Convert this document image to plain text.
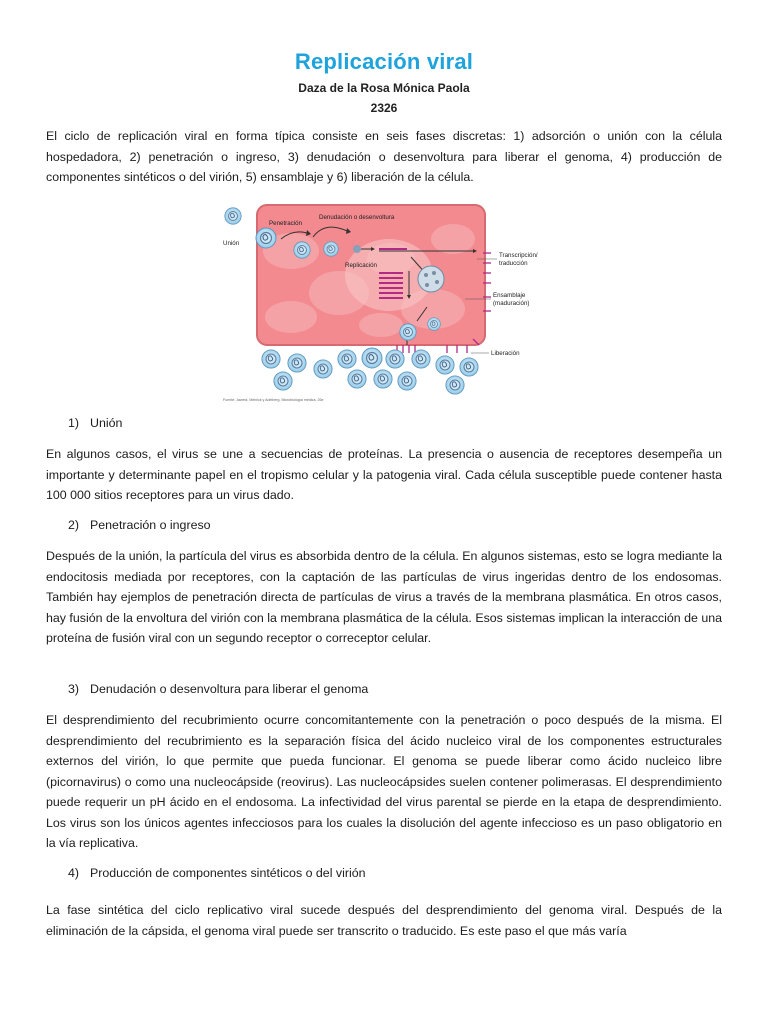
Replicación viral
Daza de la Rosa Mónica Paola
2326
El ciclo de replicación viral en forma típica consiste en seis fases discretas: 1) adsorción o unión con la célula hospedadora, 2) penetración o ingreso, 3) denudación o desenvoltura para liberar el genoma, 4) producción de componentes sintéticos o del virión, 5) ensamblaje y 6) liberación de la célula.
Unión
Penetración
Denudación o desenvoltura
Replicación
Transcripción/
traducción
Ensamblaje
(maduración)
Liberación
Fuente: Jawetz, Melnick y Adelberg. Microbiología médica, 26e
1) Unión
En algunos casos, el virus se une a secuencias de proteínas. La presencia o ausencia de receptores desempeña un importante y determinante papel en el tropismo celular y la patogenia viral. Cada célula susceptible puede contener hasta 100 000 sitios receptores para un virus dado.
2) Penetración o ingreso
Después de la unión, la partícula del virus es absorbida dentro de la célula. En algunos sistemas, esto se logra mediante la endocitosis mediada por receptores, con la captación de las partículas de virus ingeridas dentro de los endosomas. También hay ejemplos de penetración directa de partículas de virus a través de la membrana plasmática. En otros casos, hay fusión de la envoltura del virión con la membrana plasmática de la célula. Esos sistemas implican la interacción de una proteína de fusión viral con un segundo receptor o correceptor celular.
3) Denudación o desenvoltura para liberar el genoma
El desprendimiento del recubrimiento ocurre concomitantemente con la penetración o poco después de la misma. El desprendimiento del recubrimiento es la separación física del ácido nucleico viral de los componentes estructurales externos del virión, lo que permite que pueda funcionar. El genoma se puede liberar como ácido nucleico libre (picornavirus) o como una nucleocápside (reovirus). Las nucleocápsides suelen contener polimerasas. El desprendimiento puede requerir un pH ácido en el endosoma. La infectividad del virus parental se pierde en la etapa de desprendimiento. Los virus son los únicos agentes infecciosos para los cuales la disolución del agente infeccioso es un paso obligatorio en la vía replicativa.
4) Producción de componentes sintéticos o del virión
La fase sintética del ciclo replicativo viral sucede después del desprendimiento del genoma viral. Después de la eliminación de la cápsida, el genoma viral puede ser transcrito o traducido. Es este paso el que más varía
